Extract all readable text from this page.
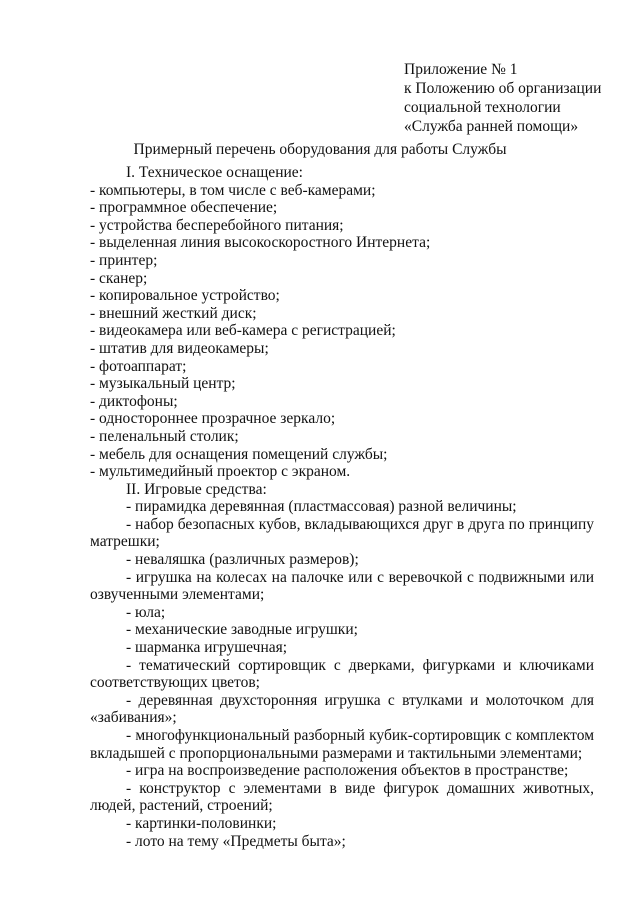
Приложение № 1
к Положению об организации
социальной технологии
«Служба ранней помощи»
Примерный перечень оборудования для работы Службы
I. Техническое оснащение:
- компьютеры, в том числе с веб-камерами;
- программное обеспечение;
- устройства бесперебойного питания;
- выделенная линия высокоскоростного Интернета;
- принтер;
- сканер;
- копировальное устройство;
- внешний жесткий диск;
- видеокамера или веб-камера с регистрацией;
- штатив для видеокамеры;
- фотоаппарат;
- музыкальный центр;
- диктофоны;
- одностороннее прозрачное зеркало;
- пеленальный столик;
- мебель для оснащения помещений службы;
- мультимедийный проектор с экраном.
II. Игровые средства:
- пирамидка деревянная (пластмассовая) разной величины;
- набор безопасных кубов, вкладывающихся друг в друга по принципу матрешки;
- неваляшка (различных размеров);
- игрушка на колесах на палочке или с веревочкой с подвижными или озвученными элементами;
- юла;
- механические заводные игрушки;
- шарманка игрушечная;
- тематический сортировщик с дверками, фигурками и ключиками соответствующих цветов;
- деревянная двухсторонняя игрушка с втулками и молоточком для «забивания»;
- многофункциональный разборный кубик-сортировщик с комплектом вкладышей с пропорциональными размерами и тактильными элементами;
- игра на воспроизведение расположения объектов в пространстве;
- конструктор с элементами в виде фигурок домашних животных, людей, растений, строений;
- картинки-половинки;
- лото на тему «Предметы быта»;
